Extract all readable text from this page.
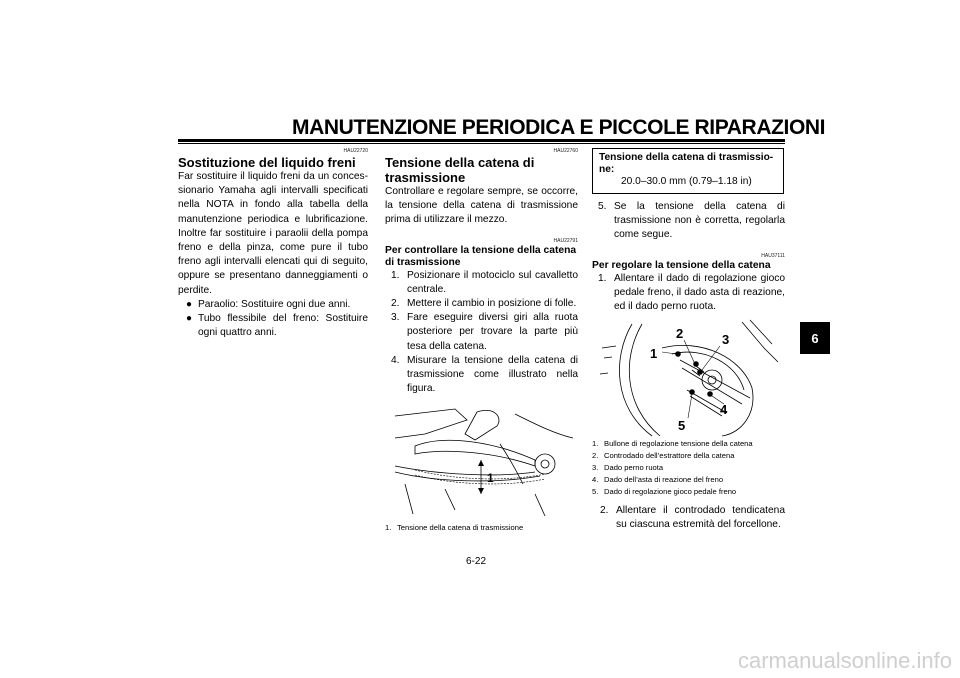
MANUTENZIONE PERIODICA E PICCOLE RIPARAZIONI
6
HAU22720
Sostituzione del liquido freni

Far sostituire il liquido freni da un concessionario Yamaha agli intervalli specificati nella NOTA in fondo alla tabella della manutenzione periodica e lubrificazione. Inoltre far sostituire i paraolii della pompa freno e della pinza, come pure il tubo freno agli intervalli elencati qui di seguito, oppure se presentano danneggiamenti o perdite.

● Paraolio: Sostituire ogni due anni.
● Tubo flessibile del freno: Sostituire ogni quattro anni.
HAU22760
Tensione della catena di trasmissione

Controllare e regolare sempre, se occorre, la tensione della catena di trasmissione prima di utilizzare il mezzo.

HAU22791
Per controllare la tensione della catena di trasmissione
1. Posizionare il motociclo sul cavalletto centrale.
2. Mettere il cambio in posizione di folle.
3. Fare eseguire diversi giri alla ruota posteriore per trovare la parte più tesa della catena.
4. Misurare la tensione della catena di trasmissione come illustrato nella figura.
1
1. Tensione della catena di trasmissione
Tensione della catena di trasmissione:
20.0–30.0 mm (0.79–1.18 in)
5. Se la tensione della catena di trasmissione non è corretta, regolarla come segue.
HAU37111
Per regolare la tensione della catena
1. Allentare il dado di regolazione gioco pedale freno, il dado asta di reazione, ed il dado perno ruota.
1
2	3
4
5
1. Bullone di regolazione tensione della catena
2. Controdado dell’estrattore della catena
3. Dado perno ruota
4. Dado dell’asta di reazione del freno
5. Dado di regolazione gioco pedale freno
2. Allentare il controdado tendicatena su ciascuna estremità del forcellone.
6-22
carmanualsonline.info
